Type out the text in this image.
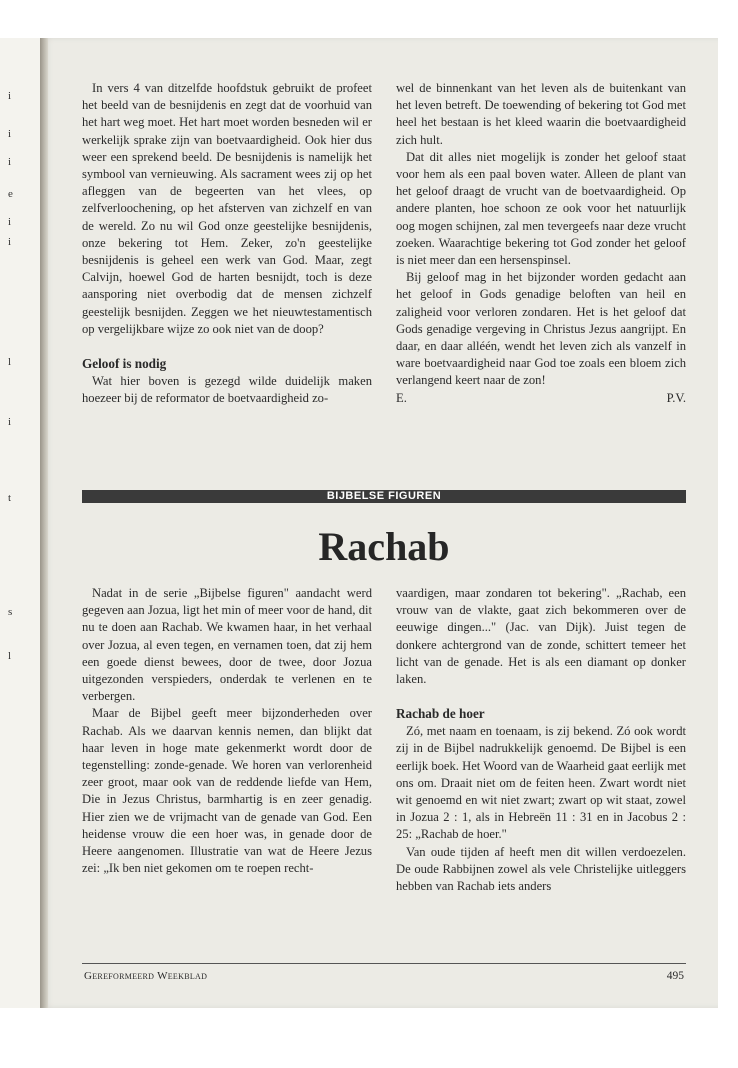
i
i
i
e
i
i
l
i
t
s
l

In vers 4 van ditzelfde hoofdstuk gebruikt de profeet het beeld van de besnijdenis en zegt dat de voorhuid van het hart weg moet. Het hart moet worden besneden wil er werkelijk sprake zijn van boetvaardigheid. Ook hier dus weer een sprekend beeld. De besnijdenis is namelijk het symbool van vernieuwing. Als sacrament wees zij op het afleggen van de begeerten van het vlees, op zelfverloochening, op het afsterven van zichzelf en van de wereld. Zo nu wil God onze geestelijke besnijdenis, onze bekering tot Hem. Zeker, zo'n geestelijke besnijdenis is geheel een werk van God. Maar, zegt Calvijn, hoewel God de harten besnijdt, toch is deze aansporing niet overbodig dat de mensen zichzelf geestelijk besnijden. Zeggen we het nieuwtestamentisch op vergelijkbare wijze zo ook niet van de doop?

Geloof is nodig

Wat hier boven is gezegd wilde duidelijk maken hoezeer bij de reformator de boetvaardigheid zo-

wel de binnenkant van het leven als de buitenkant van het leven betreft. De toewending of bekering tot God met heel het bestaan is het kleed waarin die boetvaardigheid zich hult.

Dat dit alles niet mogelijk is zonder het geloof staat voor hem als een paal boven water. Alleen de plant van het geloof draagt de vrucht van de boetvaardigheid. Op andere planten, hoe schoon ze ook voor het natuurlijk oog mogen schijnen, zal men tevergeefs naar deze vrucht zoeken. Waarachtige bekering tot God zonder het geloof is niet meer dan een hersenspinsel.

Bij geloof mag in het bijzonder worden gedacht aan het geloof in Gods genadige beloften van heil en zaligheid voor verloren zondaren. Het is het geloof dat Gods genadige vergeving in Christus Jezus aangrijpt. En daar, en daar alléén, wendt het leven zich als vanzelf in ware boetvaardigheid naar God toe zoals een bloem zich verlangend keert naar de zon!

E.	P.V.
BIJBELSE FIGUREN
Rachab

Nadat in de serie „Bijbelse figuren" aandacht werd gegeven aan Jozua, ligt het min of meer voor de hand, dit nu te doen aan Rachab. We kwamen haar, in het verhaal over Jozua, al even tegen, en vernamen toen, dat zij hem een goede dienst bewees, door de twee, door Jozua uitgezonden verspieders, onderdak te verlenen en te verbergen.

Maar de Bijbel geeft meer bijzonderheden over Rachab. Als we daarvan kennis nemen, dan blijkt dat haar leven in hoge mate gekenmerkt wordt door de tegenstelling: zonde-genade. We horen van verlorenheid zeer groot, maar ook van de reddende liefde van Hem, Die in Jezus Christus, barmhartig is en zeer genadig. Hier zien we de vrijmacht van de genade van God. Een heidense vrouw die een hoer was, in genade door de Heere aangenomen. Illustratie van wat de Heere Jezus zei: „Ik ben niet gekomen om te roepen recht-

vaardigen, maar zondaren tot bekering". „Rachab, een vrouw van de vlakte, gaat zich bekommeren over de eeuwige dingen..." (Jac. van Dijk). Juist tegen de donkere achtergrond van de zonde, schittert temeer het licht van de genade. Het is als een diamant op donker laken.

Rachab de hoer

Zó, met naam en toenaam, is zij bekend. Zó ook wordt zij in de Bijbel nadrukkelijk genoemd. De Bijbel is een eerlijk boek. Het Woord van de Waarheid gaat eerlijk met ons om. Draait niet om de feiten heen. Zwart wordt niet wit genoemd en wit niet zwart; zwart op wit staat, zowel in Jozua 2 : 1, als in Hebreën 11 : 31 en in Jacobus 2 : 25: „Rachab de hoer."

Van oude tijden af heeft men dit willen verdoezelen. De oude Rabbijnen zowel als vele Christelijke uitleggers hebben van Rachab iets anders

Gereformeerd Weekblad	495
